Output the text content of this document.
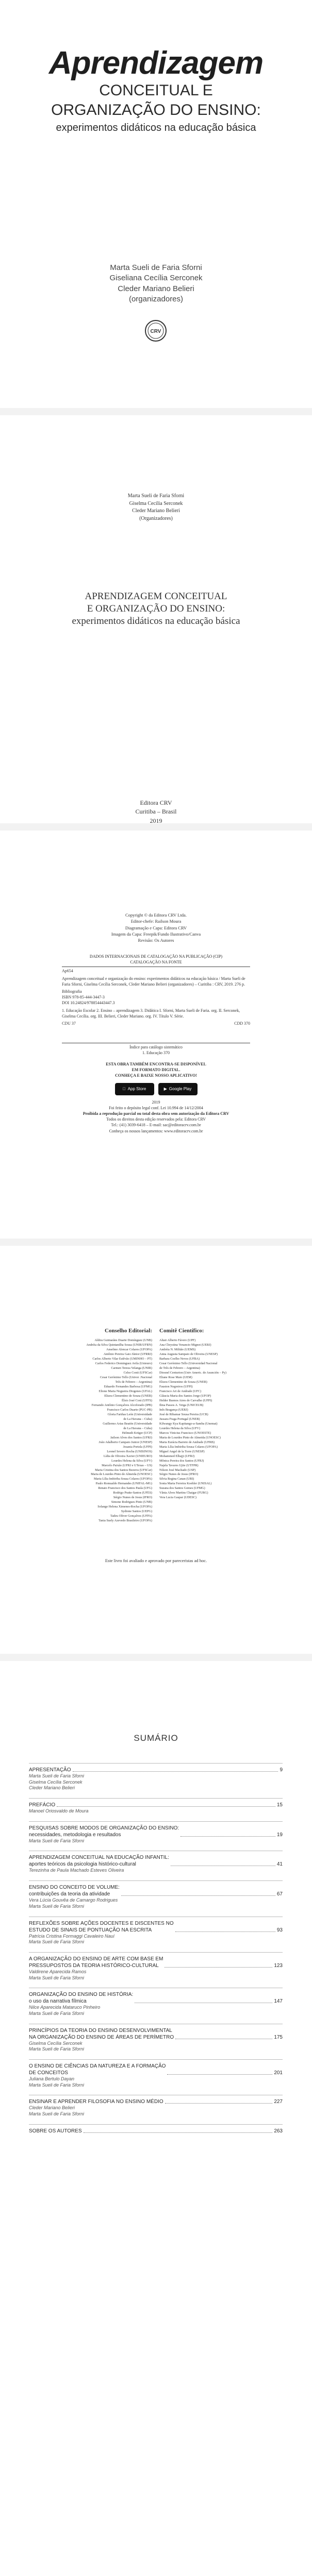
Aprendizagem
CONCEITUAL E
ORGANIZAÇÃO DO ENSINO:
experimentos didáticos na educação básica
Marta Sueli de Faria Sforni
Giseliana Cecília Serconek
Cleder Mariano Belieri
(organizadores)
CRV
Marta Sueli de Faria Sforni
Giselma Cecília Serconek
Cleder Mariano Belieri
(Organizadores)
APRENDIZAGEM CONCEITUAL
E ORGANIZAÇÃO DO ENSINO:
experimentos didáticos na educação básica
Editora CRV
Curitiba – Brasil
2019
Copyright © da Editora CRV Ltda.
Editor-chefe: Railson Moura
Diagramação e Capa: Editora CRV
Imagem da Capa: Freepik/Fundo Ilustrativo/Canva
Revisão: Os Autores
DADOS INTERNACIONAIS DE CATALOGAÇÃO NA PUBLICAÇÃO (CIP)
CATALOGAÇÃO NA FONTE

Ap654

Aprendizagem conceitual e organização do ensino: experimentos didáticos na educação básica / Marta Sueli de Faria Sforni, Giselma Cecília Serconek, Cleder Mariano Belieri (organizadores) – Curitiba : CRV, 2019. 276 p.

Bibliografia

ISBN 978-85-444-3447-3

DOI 10.24824/978854443447.3

1. Educação Escolar 2. Ensino – aprendizagem 3. Didática I. Sforni, Marta Sueli de Faria. org. II. Serconek, Giselma Cecília. org. III. Belieri, Cleder Mariano. org. IV. Título V. Série.

CDU 37	CDD 370
Índice para catálogo sistemático
1. Educação 370
ESTA OBRA TAMBÉM ENCONTRA-SE DISPONÍVEL
EM FORMATO DIGITAL.
CONHEÇA E BAIXE NOSSO APLICATIVO!
App Store	▶ Google Play
2019
Foi feito o depósito legal conf. Lei 10.994 de 14/12/2004
Proibida a reprodução parcial ou total desta obra sem autorização da Editora CRV
Todos os direitos desta edição reservados pela: Editora CRV
Tel.: (41) 3039-6418 – E-mail: sac@editoracrv.com.br
Conheça os nossos lançamentos: www.editoracrv.com.br
Conselho Editorial:
Aldira Guimarães Duarte Domínguez (UNB)
Andréia da Silva Quintanilha Sousa (UNIR/UFRN)
Anselmo Alencar Colares (UFOPA)
Antônio Pereira Gaio Júnior (UFRRJ)
Carlos Alberto Vilar Estêvão (UMINHO – PT)
Carlos Federico Dominguez Avila (Unieuro)
Carmen Tereza Velanga (UNIR)
Celso Conti (UFSCar)
Cesar Gerónimo Tello (Univer .Nacional
Três de Febrero – Argentina)
Eduardo Fernandes Barbosa (UFMG)
Elione Maria Nogueira Diogenes (UFAL)
Elizeu Clementino de Souza (UNEB)
Élsio José Corá (UFFS)
Fernando Antônio Gonçalves Alcoforado (IPB)
Francisco Carlos Duarte (PUC-PR)
Gloria Fariñas León (Universidade
de La Havana – Cuba)
Guillermo Arias Beatón (Universidade
de La Havana – Cuba)
Helmuth Krüger (UCP)
Jailson Alves dos Santos (UFRJ)
João Adalberto Campato Junior (UNESP)
Josania Portela (UFPI)
Leonel Severo Rocha (UNISINOS)
Lídia de Oliveira Xavier (UNIEURO)
Lourdes Helena da Silva (UFV)
Marcelo Paixão (UFRJ e UTexas – US)
Maria Cristina dos Santos Bezerra (UFSCar)
Maria de Lourdes Pinto de Almeida (UNOESC)
Maria Lília Imbiriba Sousa Colares (UFOPA)
Paulo Romualdo Hernandes (UNIFAL-MG)
Renato Francisco dos Santos Paula (UFG)
Rodrigo Pratte-Santos (UFES)
Sérgio Nunes de Jesus (IFRO)
Simone Rodrigues Pinto (UNB)
Solange Helena Ximenes-Rocha (UFOPA)
Sydione Santos (UEPG)
Tadeu Oliver Gonçalves (UFPA)
Tania Suely Azevedo Brasileiro (UFOPA)
Comitê Científico:
Altair Alberto Fávero (UPF)
Ana Chrystina Venancio Mignot (UERJ)
Andréia N. Militão (UEMS)
Anna Augusta Sampaio de Oliveira (UNESP)
Barbara Coelho Neves (UFBA)
Cesar Gerónimo Tello (Universidad Nacional
de Três de Febrero – Argentina)
Diosnel Centurion (Univ Americ. de Asunción – Py)
Eliane Rose Maio (UEM)
Elizeu Clementino de Souza (UNEB)
Fauston Negreiros (UFPI)
Francisco Ari de Andrade (UFC)
Gláucia Maria dos Santos Jorge (UFOP)
Helder Buenos Aires de Carvalho (UFPI)
Ilma Passos A. Veiga (UNICEUB)
Inês Bragança (UERJ)
José de Ribamar Sousa Pereira (UCB)
Jussara Fraga Portugal (UNEB)
Kilwangy Kya Kapitango-a-Samba (Unemat)
Lourdes Helena da Silva (UFV)
Marcos Vinicius Francisco (UNOESTE)
Maria de Lourdes Pinto de Almeida (UNOESC)
Maria Eurácia Barreto de Andrade (UFRB)
Maria Lília Imbiriba Sousa Colares (UFOPA)
Míguel Angel de la Torre (UNESP)
Mohammed Elhajji (UFRJ)
Mônica Pereira dos Santos (UFRJ)
Najela Tavares Ujiie (UTFPR)
Nilson José Machado (USP)
Sérgio Nunes de Jesus (IFRO)
Silvia Regina Canan (URI)
Sonia Maria Ferreira Koehler (UNISAL)
Suzana dos Santos Gomes (UFMG)
Vânia Alves Martins Chaigar (FURG)
Vera Lucia Gaspar (UDESC)
Este livro foi avaliado e aprovado por pareceristas ad hoc.
SUMÁRIO
APRESENTAÇÃO	9
Marta Sueli de Faria Sforni
Giselma Cecília Serconek
Cleder Mariano Belieri
PREFÁCIO	15
Manoel Oriosvaldo de Moura
PESQUISAS SOBRE MODOS DE ORGANIZAÇÃO DO ENSINO:
necessidades, metodologia e resultados	19
Marta Sueli de Faria Sforni
APRENDIZAGEM CONCEITUAL NA EDUCAÇÃO INFANTIL:
aportes teóricos da psicologia histórico-cultural	41
Terezinha de Paula Machado Esteves Oliveira
ENSINO DO CONCEITO DE VOLUME:
contribuições da teoria da atividade	67
Vera Lúcia Gouvêa de Camargo Rodrigues
Marta Sueli de Faria Sforni
REFLEXÕES SOBRE AÇÕES DOCENTES E DISCENTES NO
ESTUDO DE SINAIS DE PONTUAÇÃO NA ESCRITA	93
Patrícia Cristina Formaggi Cavaleiro Nauí
Marta Sueli de Faria Sforni
A ORGANIZAÇÃO DO ENSINO DE ARTE COM BASE EM
PRESSUPOSTOS DA TEORIA HISTÓRICO-CULTURAL	123
Valdirene Aparecida Ramos
Marta Sueli de Faria Sforni
ORGANIZAÇÃO DO ENSINO DE HISTÓRIA:
o uso da narrativa fílmica	147
Nilce Aparecida Mataruco Pinheiro
Marta Sueli de Faria Sforni
PRINCÍPIOS DA TEORIA DO ENSINO DESENVOLVIMENTAL
NA ORGANIZAÇÃO DO ENSINO DE ÁREAS DE PERÍMETRO	175
Giselma Cecília Serconek
Marta Sueli de Faria Sforni
O ENSINO DE CIÊNCIAS DA NATUREZA E A FORMAÇÃO
DE CONCEITOS	201
Juliana Bertulo Dayan
Marta Sueli de Faria Sforni
ENSINAR E APRENDER FILOSOFIA NO ENSINO MÉDIO	227
Cleder Mariano Belieri
Marta Sueli de Faria Sforni
SOBRE OS AUTORES	263
